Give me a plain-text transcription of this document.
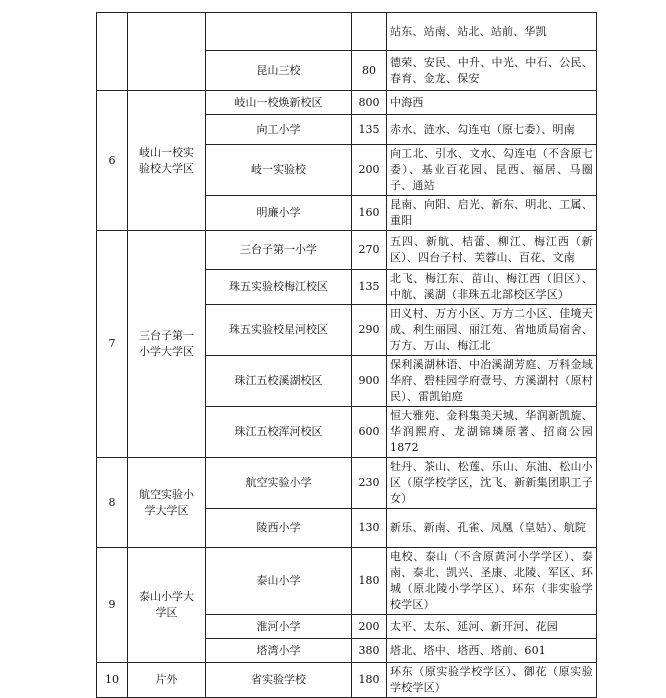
				站东、站南、站北、站前、华凯
		昆山三校	80	德荣、安民、中升、中光、中石、公民、春育、金龙、保安
6	岐山一校实验校大学区	岐山一校焕新校区	800	中海西
		向工小学	135	赤水、涟水、勾连屯（原七委）、明南
		岐一实验校	200	向工北、引水、文水、勾连屯（不含原七委）、基业百花园、昆西、福居、马圈子、通站
		明廉小学	160	昆南、向阳、启光、新东、明北、工属、重阳
7	三台子第一小学大学区	三台子第一小学	270	五四、新航、桔蕾、柳江、梅江西（新区）、四台子村、芙蓉山、百花、文南
		珠五实验校梅江校区	135	北飞、梅江东、苗山、梅江西（旧区）、中航、溪湖（非珠五北部校区学区）
		珠五实验校星河校区	290	田义村、万方小区、万方二小区、佳境天成、利生丽园、丽江苑、省地质局宿舍、万方、万山、梅江北
		珠江五校溪湖校区	900	保利溪湖林语、中冶溪湖芳庭、万科金域华府、碧桂园学府壹号、方溪湖村（原村民）、雷凯铂庭
		珠江五校浑河校区	600	恒大雅苑、金科集美天城、华润新凯旋、华润熙府、龙湖锦璘原著、招商公园 1872
8	航空实验小学大学区	航空实验小学	230	牡丹、茶山、松莲、乐山、东油、松山小区（原学校学区，沈飞、新新集团职工子女）
		陵西小学	130	新乐、新南、孔雀、凤凰（皇姑）、航院
9	泰山小学大学区	泰山小学	180	电校、泰山（不含原黄河小学学区）、泰南、泰北、凯兴、圣康、北陵、军区、环城（原北陵小学学区）、环东（非实验学校学区）
		淮河小学	200	太平、太东、延河、新开河、花园
		塔湾小学	380	塔北、塔中、塔西、塔前、601
10	片外	省实验学校	180	环东（原实验学校学区）、御花（原实验学校学区）
